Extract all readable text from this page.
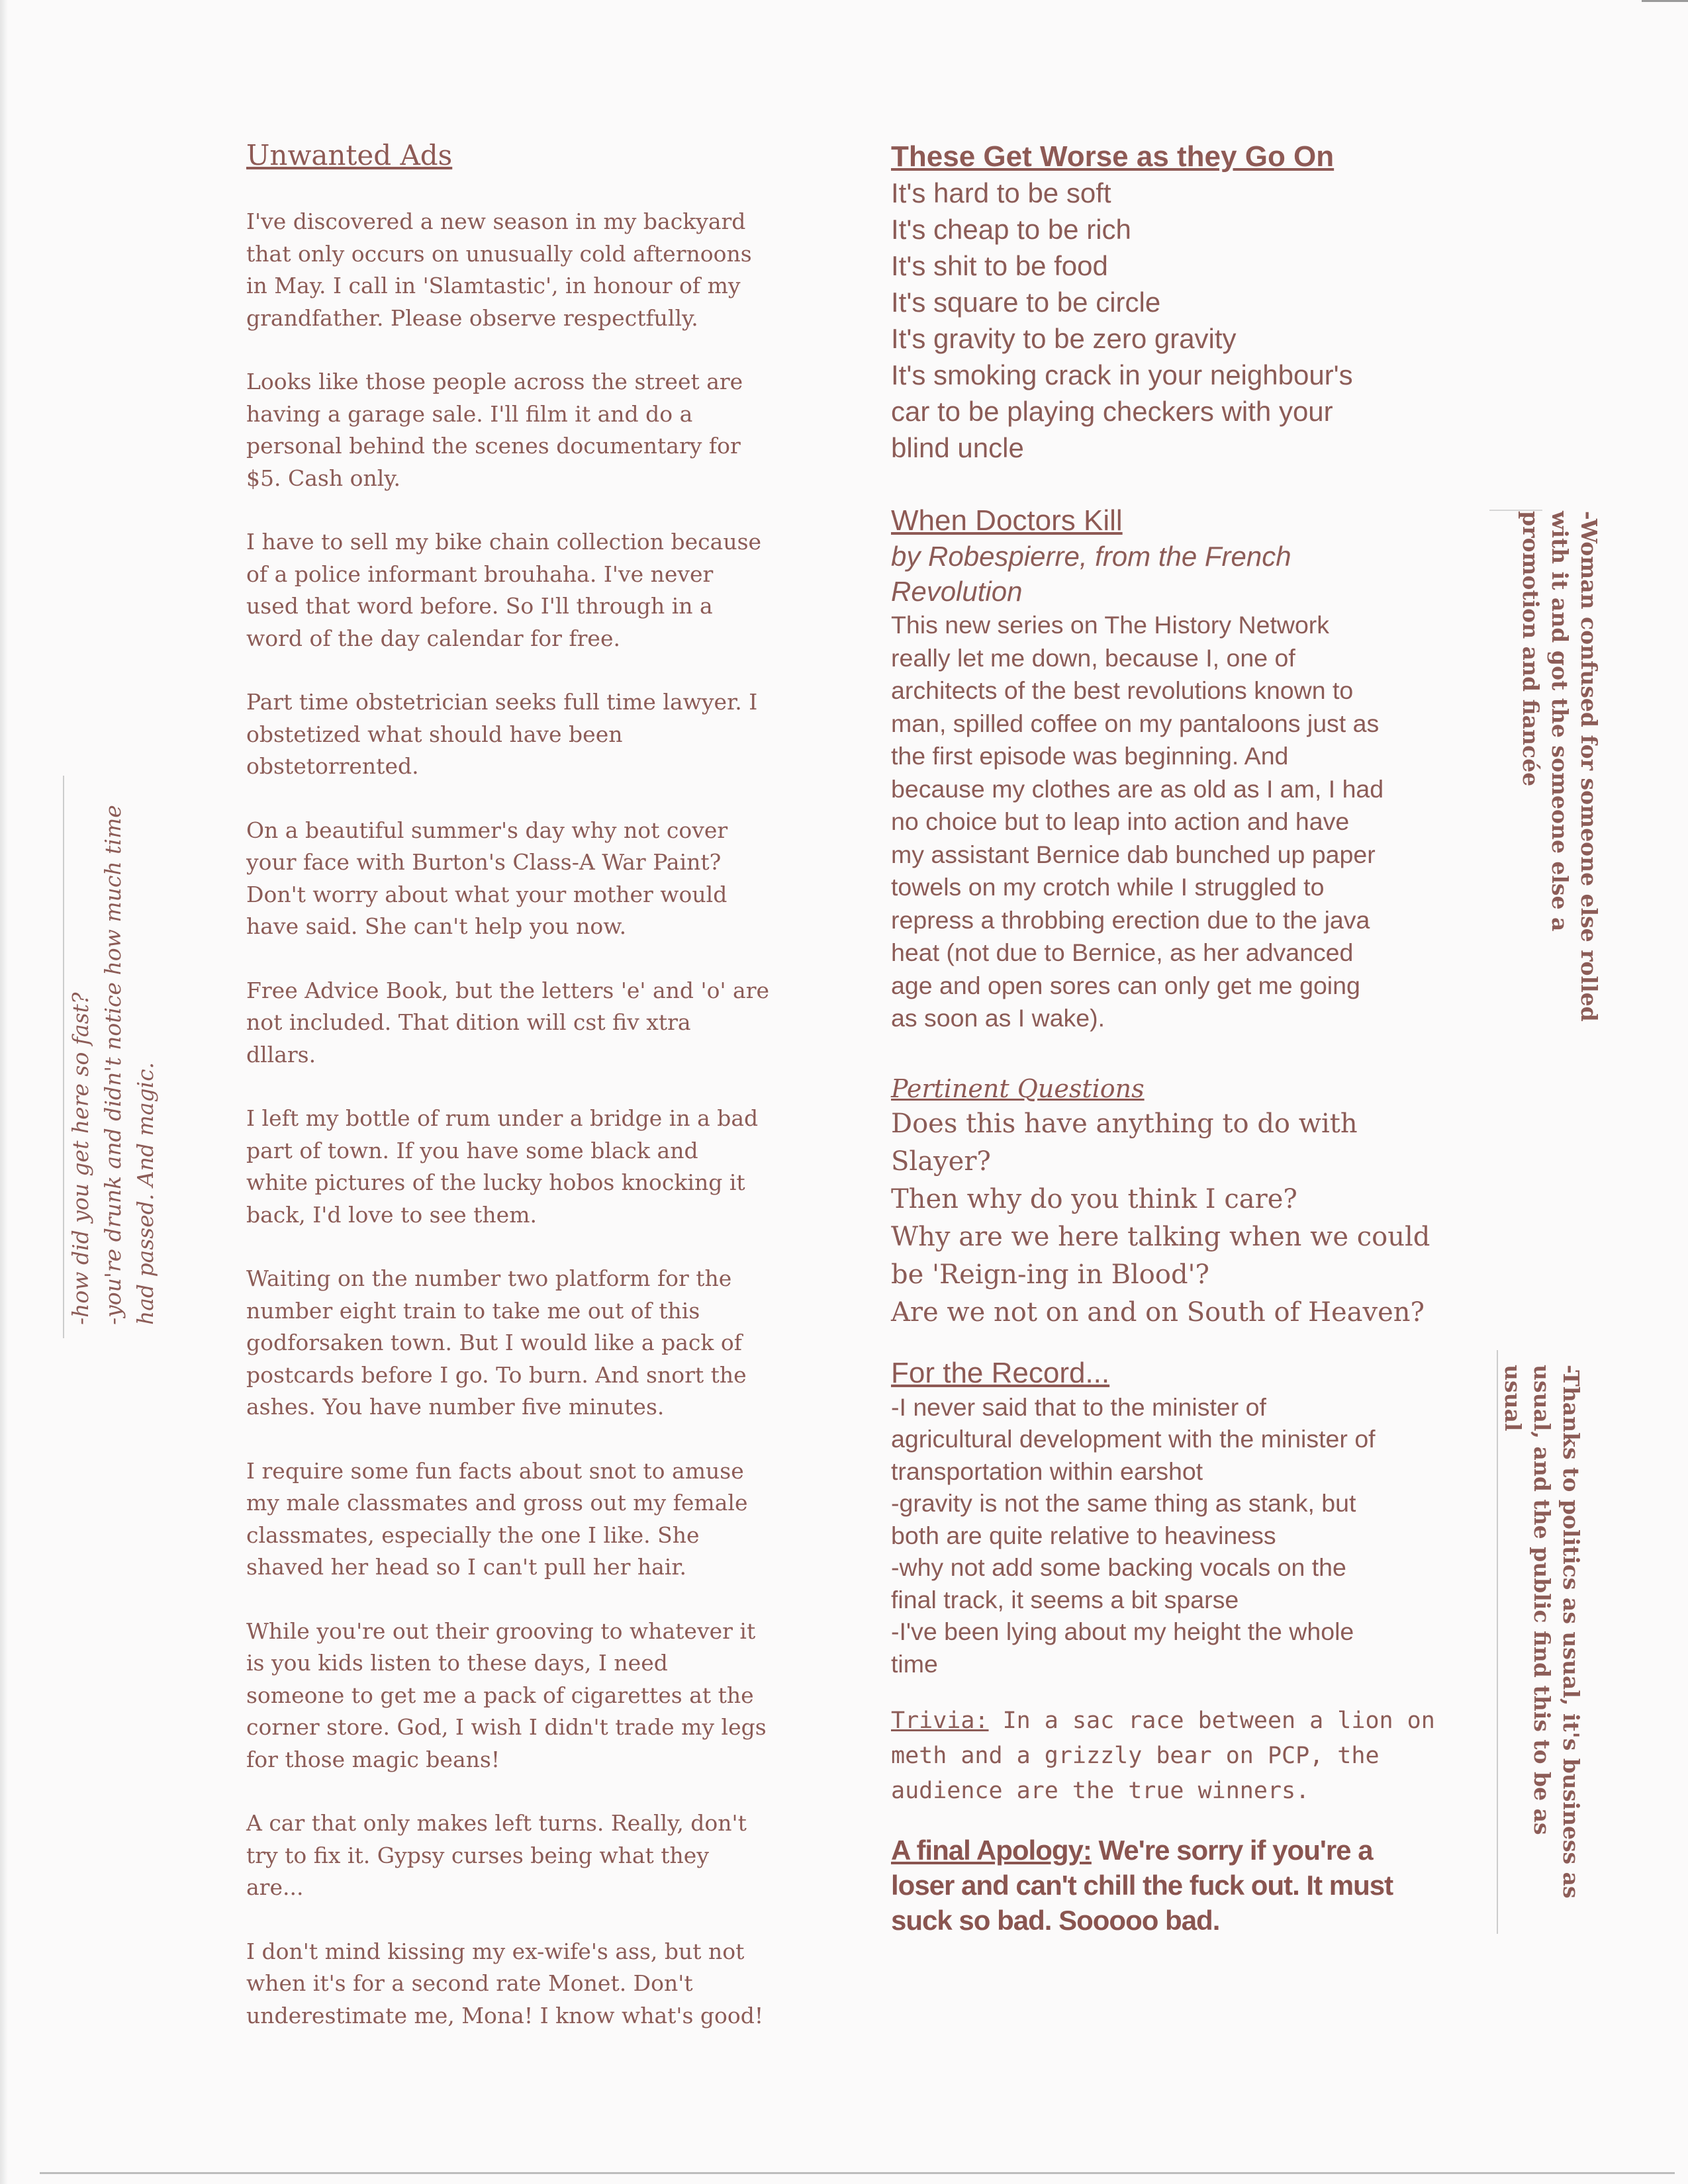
Unwanted Ads

I've discovered a new season in my backyard
that only occurs on unusually cold afternoons
in May. I call in 'Slamtastic', in honour of my
grandfather. Please observe respectfully.

Looks like those people across the street are
having a garage sale. I'll film it and do a
personal behind the scenes documentary for
$5. Cash only.

I have to sell my bike chain collection because
of a police informant brouhaha. I've never
used that word before. So I'll through in a
word of the day calendar for free.

Part time obstetrician seeks full time lawyer. I
obstetized what should have been
obstetorrented.

On a beautiful summer's day why not cover
your face with Burton's Class-A War Paint?
Don't worry about what your mother would
have said. She can't help you now.

Free Advice Book, but the letters 'e' and 'o' are
not included. That dition will cst fiv xtra
dllars.

I left my bottle of rum under a bridge in a bad
part of town. If you have some black and
white pictures of the lucky hobos knocking it
back, I'd love to see them.

Waiting on the number two platform for the
number eight train to take me out of this
godforsaken town. But I would like a pack of
postcards before I go. To burn. And snort the
ashes. You have number five minutes.

I require some fun facts about snot to amuse
my male classmates and gross out my female
classmates, especially the one I like. She
shaved her head so I can't pull her hair.

While you're out their grooving to whatever it
is you kids listen to these days, I need
someone to get me a pack of cigarettes at the
corner store. God, I wish I didn't trade my legs
for those magic beans!

A car that only makes left turns. Really, don't
try to fix it. Gypsy curses being what they
are...

I don't mind kissing my ex-wife's ass, but not
when it's for a second rate Monet. Don't
underestimate me, Mona! I know what's good!

These Get Worse as they Go On

It's hard to be soft

It's cheap to be rich

It's shit to be food

It's square to be circle

It's gravity to be zero gravity

It's smoking crack in your neighbour's

car to be playing checkers with your

blind uncle

When Doctors Kill

by Robespierre, from the French

Revolution

This new series on The History Network

really let me down, because I, one of

architects of the best revolutions known to

man, spilled coffee on my pantaloons just as

the first episode was beginning. And

because my clothes are as old as I am, I had

no choice but to leap into action and have

my assistant Bernice dab bunched up paper

towels on my crotch while I struggled to

repress a throbbing erection due to the java

heat (not due to Bernice, as her advanced

age and open sores can only get me going

as soon as I wake).

Pertinent Questions

Does this have anything to do with

Slayer?

Then why do you think I care?

Why are we here talking when we could

be 'Reign-ing in Blood'?

Are we not on and on South of Heaven?

For the Record...

-I never said that to the minister of

agricultural development with the minister of

transportation within earshot

-gravity is not the same thing as stank, but

both are quite relative to heaviness

-why not add some backing vocals on the

final track, it seems a bit sparse

-I've been lying about my height the whole

time

Trivia: In a sac race between a lion on

meth and a grizzly bear on PCP, the

audience are the true winners.

A final Apology: We're sorry if you're a

loser and can't chill the fuck out. It must

suck so bad. Sooooo bad.

-how did you get here so fast? -you're drunk and didn't notice how much time had passed. And magic.
-Woman confused for someone else rolled
with it and got the someone else a
promotion and fiancée
-Thanks to politics as usual, it's business as
usual, and the public find this to be as
usual
